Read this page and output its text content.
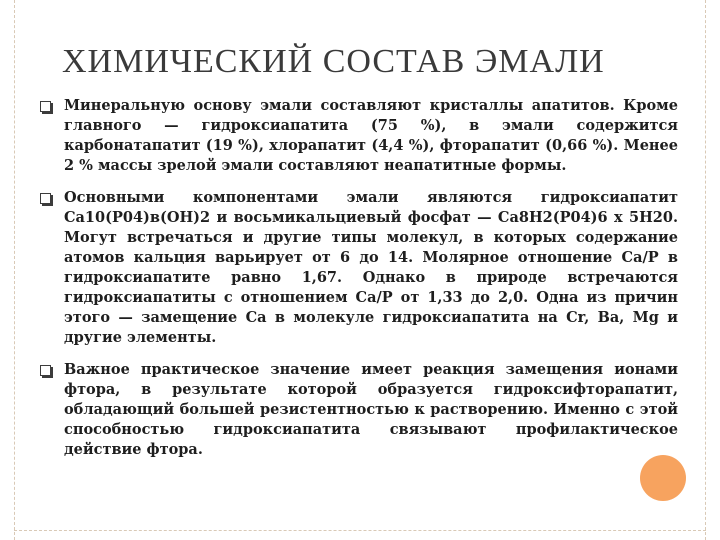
ХИМИЧЕСКИЙ СОСТАВ ЭМАЛИ
Минеральную основу эмали составляют кристаллы апатитов. Кроме главного — гидроксиапатита (75 %), в эмали содержится карбонатапатит (19 %), хлорапатит (4,4 %), фторапатит (0,66 %). Менее 2 % массы зрелой эмали составляют неапатитные формы.
Основными компонентами эмали являются гидроксиапатит Са10(Р04)в(ОН)2 и восьмикальциевый фосфат — Са8Н2(Р04)6 х 5Н20. Могут встречаться и другие типы молекул, в которых содержание атомов кальция варьирует от 6 до 14. Молярное отношение Са/Р в гидроксиапатите равно 1,67. Однако в природе встречаются гидроксиапатиты с отношением Са/Р от 1,33 до 2,0. Одна из причин этого — замещение Са в молекуле гидроксиапатита на Cr, Ва, Mg и другие элементы.
Важное практическое значение имеет реакция замещения ионами фтора, в результате которой образуется гидроксифторапатит, обладающий большей резистентностью к растворению. Именно с этой способностью гидроксиапатита связывают профилактическое действие фтора.
